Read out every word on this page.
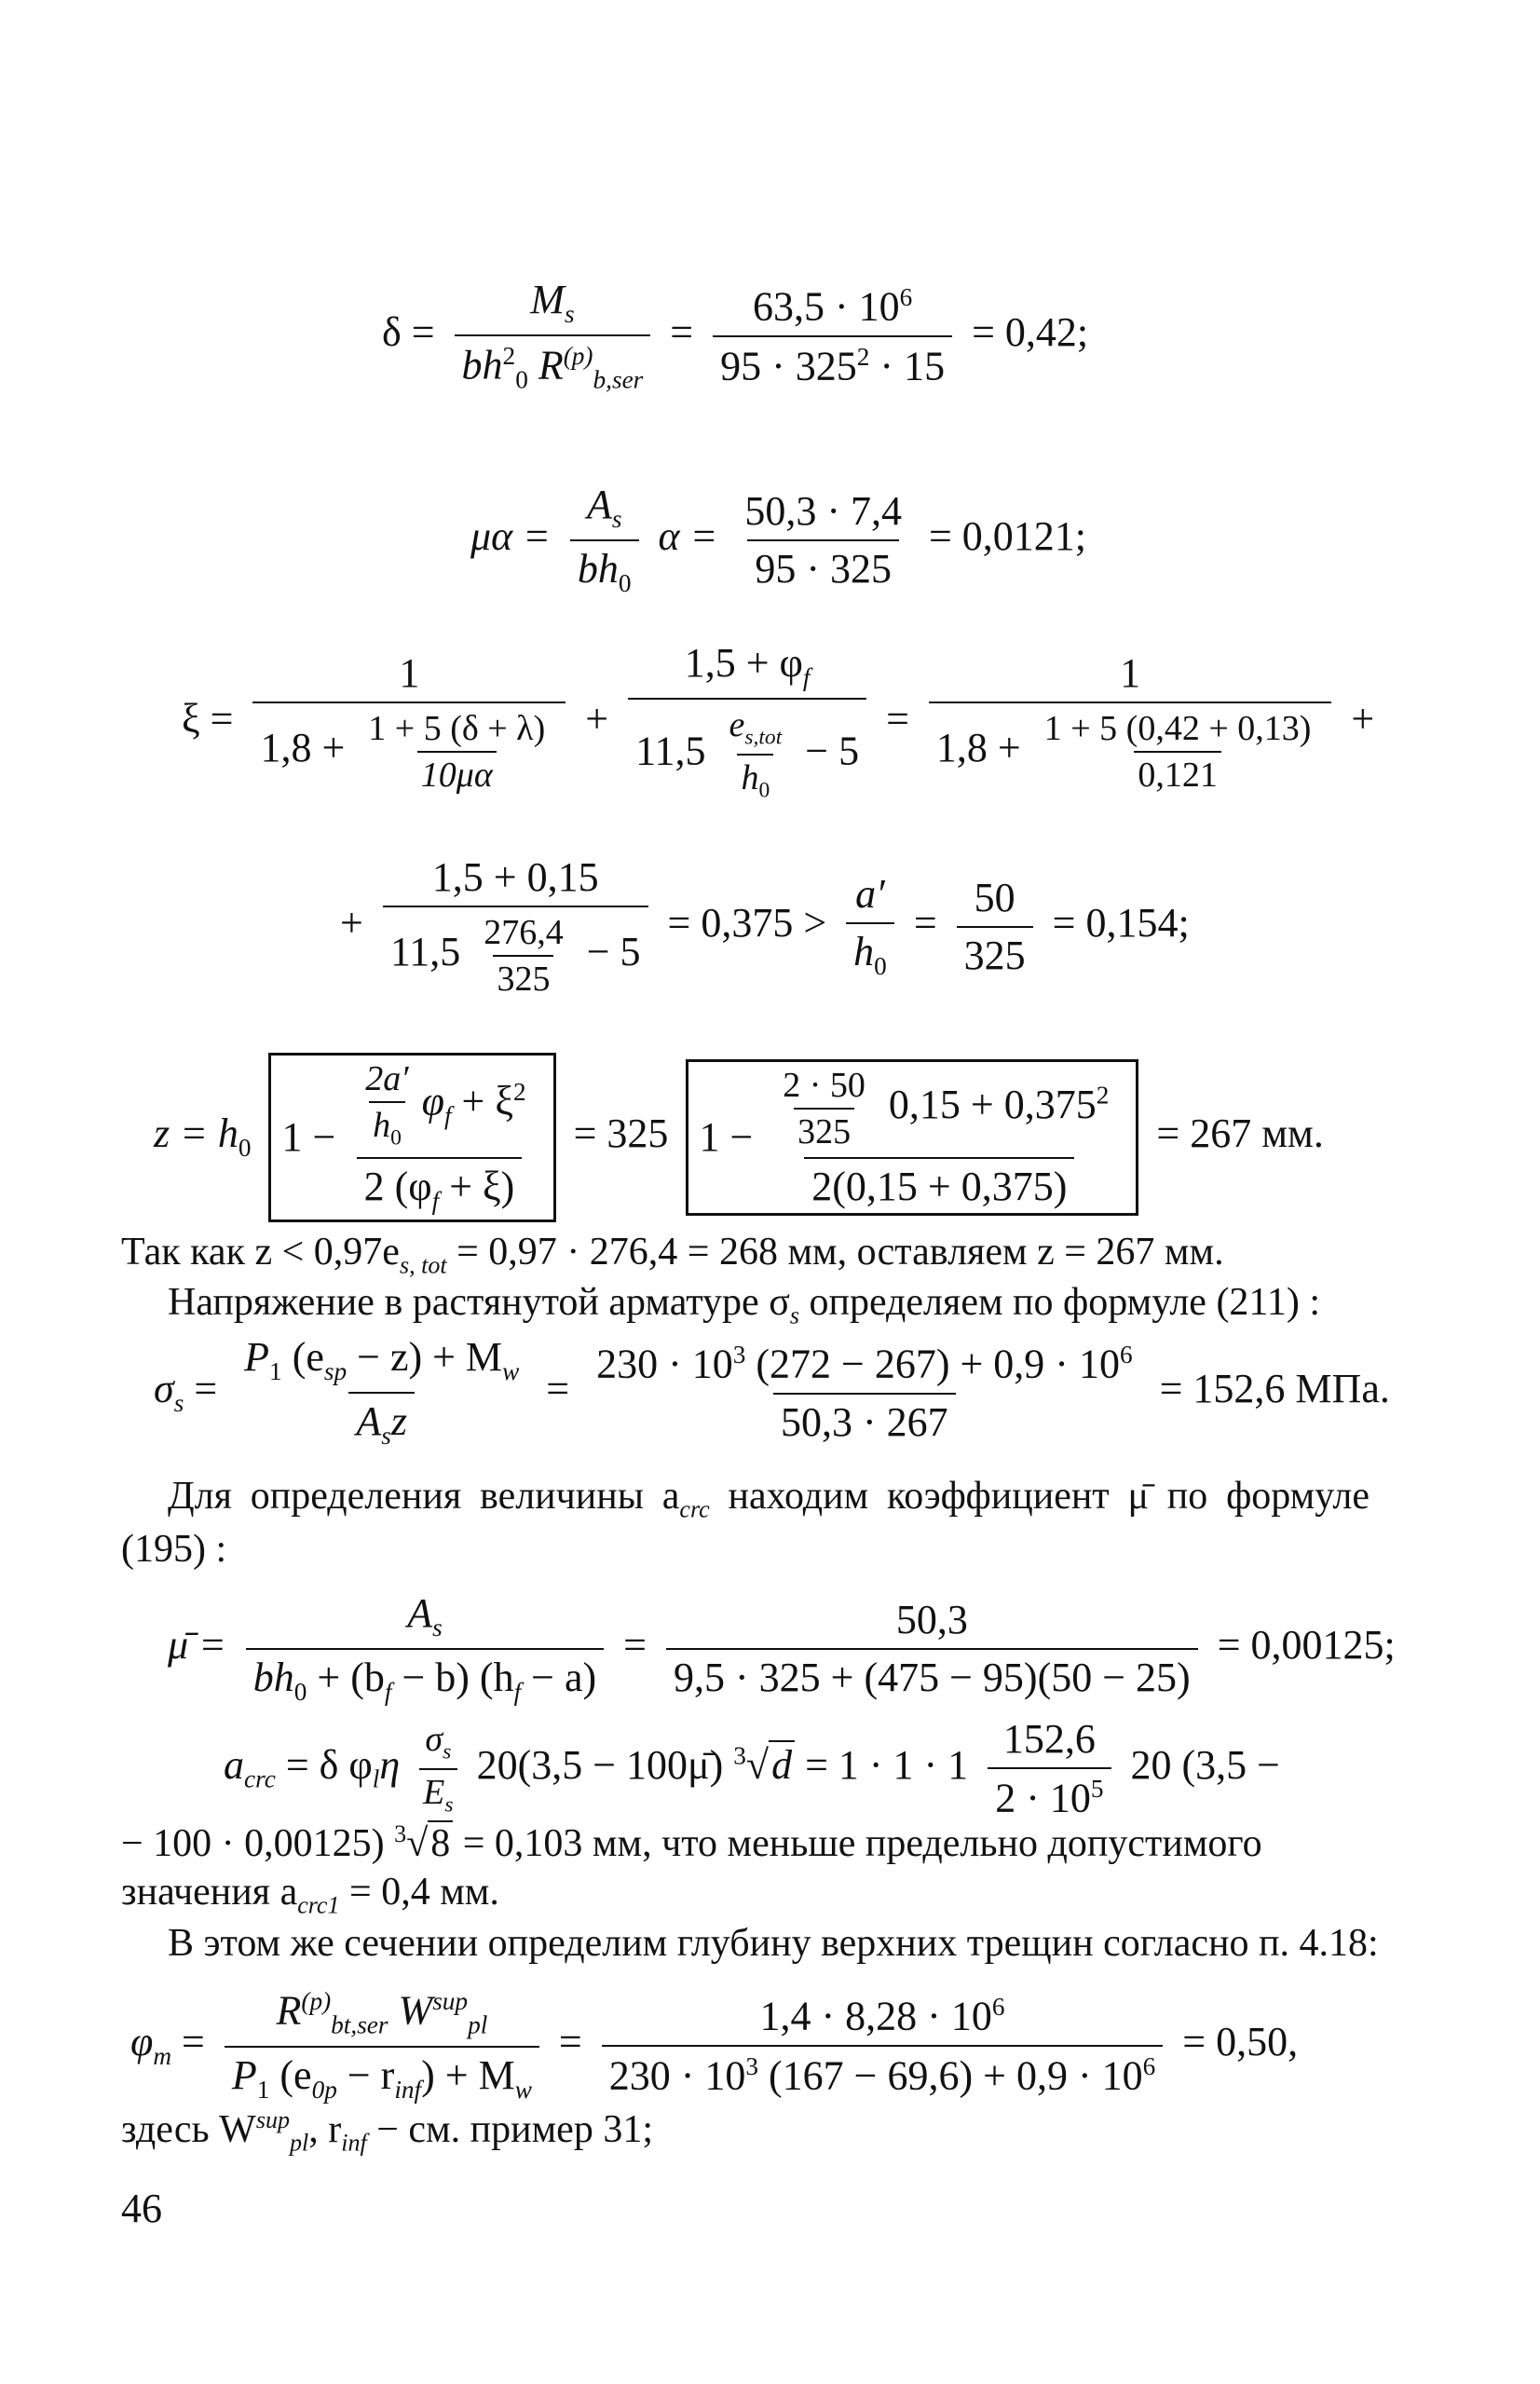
$\delta = \frac{M_s}{bh^2_0 R^{(p)}_{b,ser}} = \frac{63,5 \cdot 10^6}{95 \cdot 325^2 \cdot 15} = 0,42$;
$\mu\alpha = \frac{A_s}{bh_0}$ $\alpha = \frac{50,3 \cdot 7,4}{95 \cdot 325} = 0,0121$;
$\xi = \frac{1}{1,8 + \frac{1 + 5 (\delta + \lambda)}{10\mu\alpha}} + \frac{1,5 + \varphi_f}{11,5 \frac{e_{s,tot}}{h_0} - 5} = \frac{1}{1,8 + \frac{1 + 5 (0,42 + 0,13)}{0,121}}$ +
+ $\frac{1,5 + 0,15}{11,5 \frac{276,4}{325} - 5} = 0,375 > \frac{a'}{h_0} = \frac{50}{325} = 0,154$;
$z = h_0$ $1 - \frac{\frac{2a'}{h_0} \varphi_f + \xi^2}{2 (\varphi_f + \xi)} = 325$ $1 - \frac{\frac{2 \cdot 50}{325} 0,15 + 0,375^2}{2(0,15 + 0,375)} = 267$ мм.
Так как $z < 0,97e_{s, tot} = 0,97 \cdot 276,4 = 268$ мм, оставляем z = 267 мм.
Напряжение в растянутой арматуре $\sigma_s$ определяем по формуле (211) :
$\sigma_s = \frac{P_1 (e_{sp} - z) + M_w}{A_sz} = \frac{230 \cdot 10^3 (272 - 267) + 0,9 \cdot 10^6}{50,3 \cdot 267} = 152,6$ МПа.
Для определения величины $a_{crc}$ находим коэффициент μ̄ по формуле (195) :
μ̄ = $\frac{A_s}{bh_0 + (b_f - b) (h_f - a)} = \frac{50,3}{9,5 \cdot 325 + (475 - 95)(50 - 25)} = 0,00125$;
$a_{crc} = \delta$ $\varphi_l\eta \frac{\sigma_s}{E_s} 20(3,5$ − 100μ̄) $^3√d = 1 \cdot 1 \cdot 1 \frac{152,6}{2 \cdot 10^5} 20$ (3,5 −
− 100 · 0,00125) $^3$√8 = 0,103 мм, что меньше предельно допустимого
значения $a_{crc1} = 0,4$ мм.
В этом же сечении определим глубину верхних трещин согласно п. 4.18:
$\varphi_m = \frac{R^{(p)}_{bt,ser} W^{sup}_{pl}}{P_1 (e_{0p} - r_{inf}) + M_w} = \frac{1,4 \cdot 8,28 \cdot 10^6}{230 \cdot 10^3 (167 - 69,6) + 0,9 \cdot 10^6} = 0,50$,
здесь $W^{sup}_{pl}$, $r_{inf}$ − см. пример 31;
46
